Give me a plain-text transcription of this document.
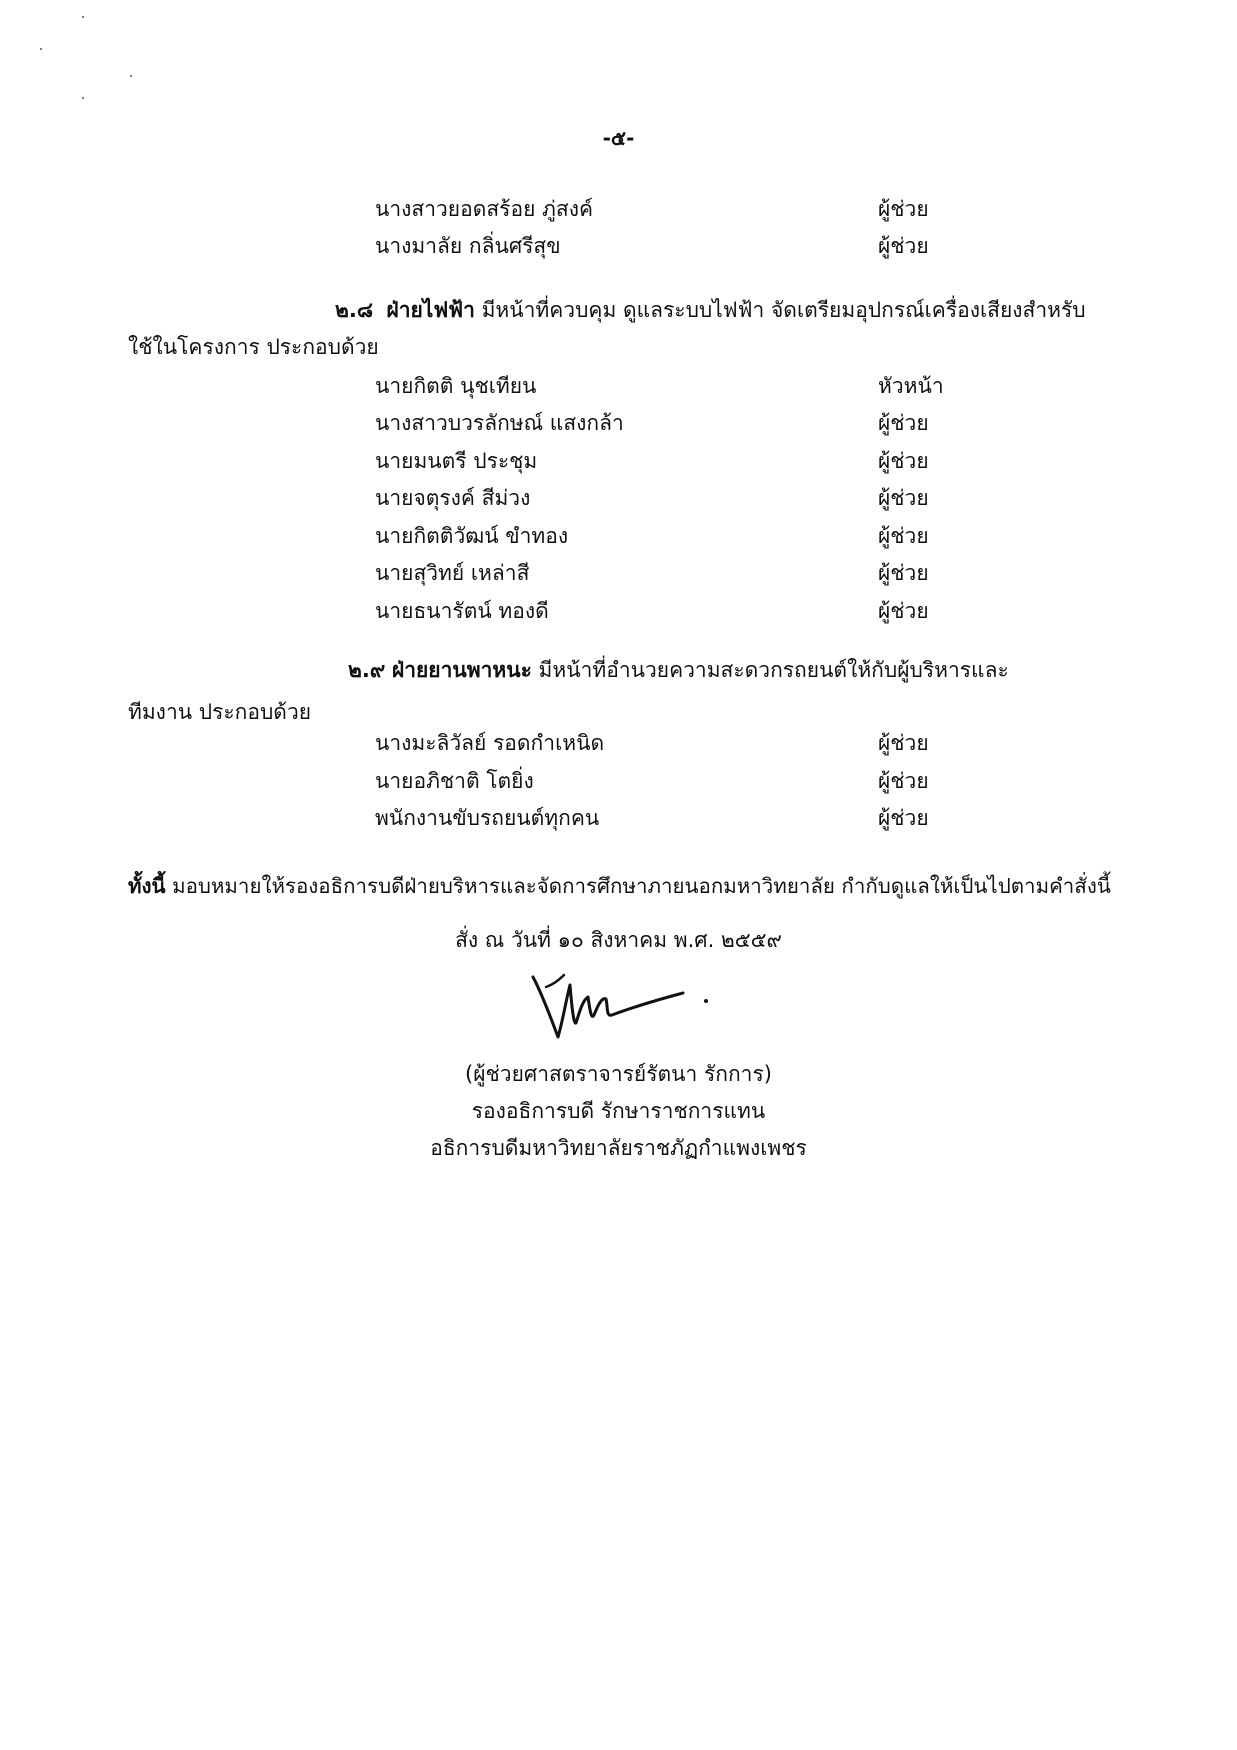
-๕-
นางสาวยอดสร้อย ภู่สงค์	ผู้ช่วย
นางมาลัย กลิ่นศรีสุข	ผู้ช่วย
๒.๘ ฝ่ายไฟฟ้า มีหน้าที่ควบคุม ดูแลระบบไฟฟ้า จัดเตรียมอุปกรณ์เครื่องเสียงสำหรับ
ใช้ในโครงการ ประกอบด้วย
นายกิตติ นุชเทียน	หัวหน้า
นางสาวบวรลักษณ์ แสงกล้า	ผู้ช่วย
นายมนตรี ประชุม	ผู้ช่วย
นายจตุรงค์ สีม่วง	ผู้ช่วย
นายกิตติวัฒน์ ขำทอง	ผู้ช่วย
นายสุวิทย์ เหล่าสี	ผู้ช่วย
นายธนารัตน์ ทองดี	ผู้ช่วย
๒.๙ ฝ่ายยานพาหนะ มีหน้าที่อำนวยความสะดวกรถยนต์ให้กับผู้บริหารและ
ทีมงาน ประกอบด้วย
นางมะลิวัลย์ รอดกำเหนิด	ผู้ช่วย
นายอภิชาติ โตยิ่ง	ผู้ช่วย
พนักงานขับรถยนต์ทุกคน	ผู้ช่วย
ทั้งนี้ มอบหมายให้รองอธิการบดีฝ่ายบริหารและจัดการศึกษาภายนอกมหาวิทยาลัย กำกับดูแลให้เป็นไปตามคำสั่งนี้
สั่ง ณ วันที่ ๑๐ สิงหาคม พ.ศ. ๒๕๕๙
(ผู้ช่วยศาสตราจารย์รัตนา รักการ)
รองอธิการบดี รักษาราชการแทน
อธิการบดีมหาวิทยาลัยราชภัฏกำแพงเพชร
